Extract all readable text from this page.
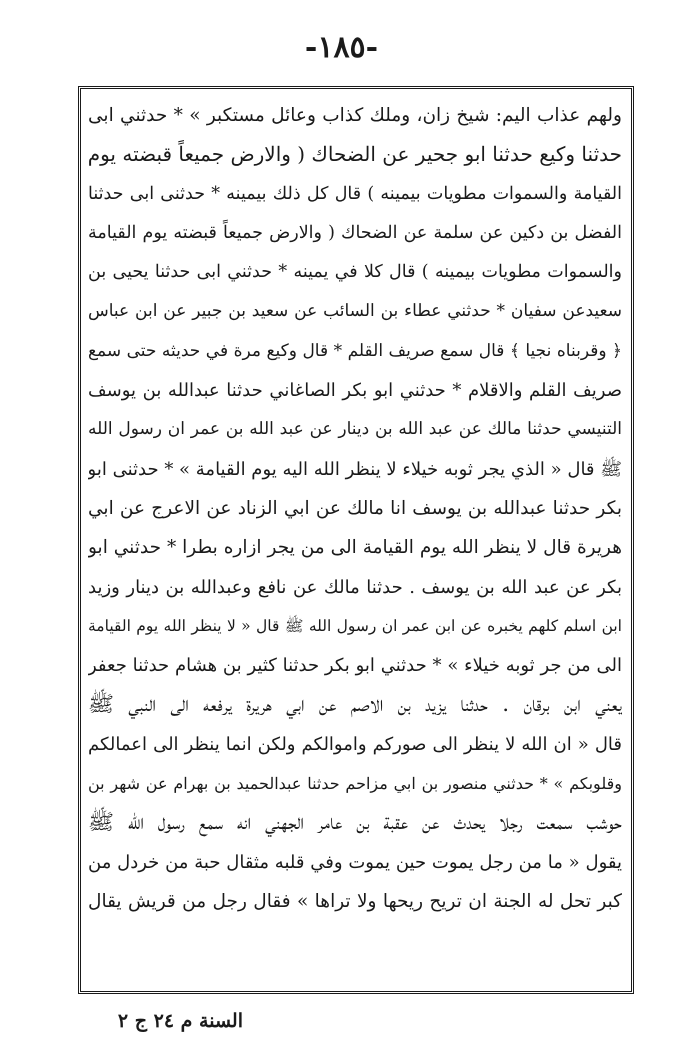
-١٨٥-
ولهم عذاب اليم: شيخ زان، وملك كذاب وعائل مستكبر » * حدثني ابى
حدثنا وكيع حدثنا ابو جحير عن الضحاك ( والارض جميعاً قبضته يوم
القيامة والسموات مطويات بيمينه ) قال كل ذلك بيمينه * حدثنى ابى حدثنا
الفضل بن دكين عن سلمة عن الضحاك ( والارض جميعاً قبضته يوم القيامة
والسموات مطويات بيمينه ) قال كلا في يمينه * حدثني ابى حدثنا يحيى بن
سعيدعن سفيان * حدثني عطاء بن السائب عن سعيد بن جبير عن ابن عباس
﴿ وقربناه نجيا ﴾ قال سمع صريف القلم * قال وكيع مرة في حديثه حتى سمع
صريف القلم والاقلام * حدثني ابو بكر الصاغاني حدثنا عبدالله بن يوسف
التنيسي حدثنا مالك عن عبد الله بن دينار عن عبد الله بن عمر ان رسول الله
ﷺ قال « الذي يجر ثوبه خيلاء لا ينظر الله اليه يوم القيامة » * حدثنى ابو
بكر حدثنا عبدالله بن يوسف انا مالك عن ابي الزناد عن الاعرج عن ابي
هريرة قال لا ينظر الله يوم القيامة الى من يجر ازاره بطرا * حدثني ابو
بكر عن عبد الله بن يوسف . حدثنا مالك عن نافع وعبدالله بن دينار وزيد
ابن اسلم كلهم يخبره عن ابن عمر ان رسول الله ﷺ قال « لا ينظر الله يوم القيامة
الى من جر ثوبه خيلاء » * حدثني ابو بكر حدثنا كثير بن هشام حدثنا جعفر
يعني ابن برقان . حدثنا يزيد بن الاصم عن ابي هريرة يرفعه الى النبي ﷺ
قال « ان الله لا ينظر الى صوركم واموالكم ولكن انما ينظر الى اعمالكم
وقلوبكم » * حدثني منصور بن ابي مزاحم حدثنا عبدالحميد بن بهرام عن شهر بن
حوشب سمعت رجلا يحدث عن عقبة بن عامر الجهني انه سمع رسول الله ﷺ
يقول « ما من رجل يموت حين يموت وفي قلبه مثقال حبة من خردل من
كبر تحل له الجنة ان تريح ريحها ولا تراها » فقال رجل من قريش يقال
السنة م ٢٤ ج ٢
